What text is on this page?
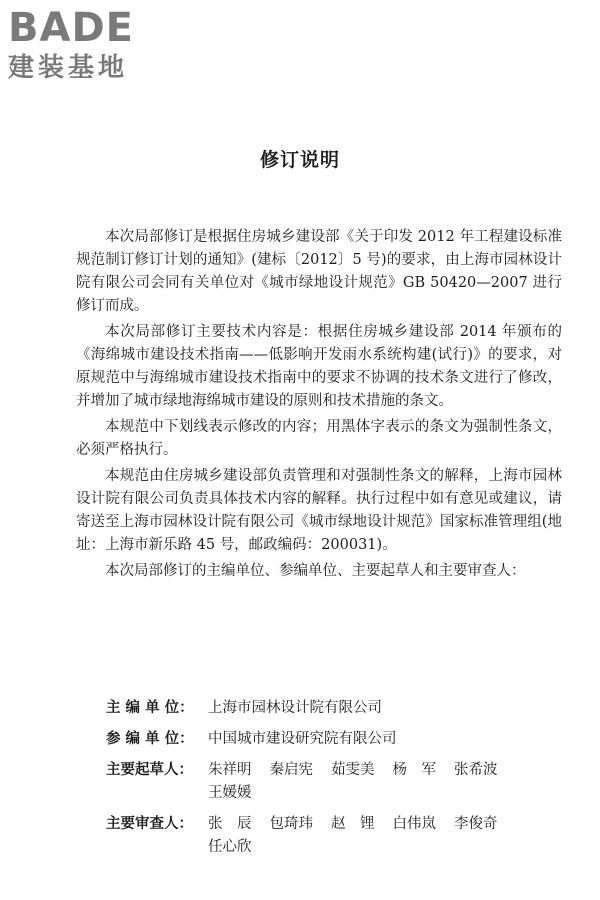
BADE
建装基地
修订说明

本次局部修订是根据住房城乡建设部《关于印发 2012 年工程建设标准规范制订修订计划的通知》(建标〔2012〕5 号)的要求，由上海市园林设计院有限公司会同有关单位对《城市绿地设计规范》GB 50420—2007 进行修订而成。

本次局部修订主要技术内容是：根据住房城乡建设部 2014 年颁布的《海绵城市建设技术指南——低影响开发雨水系统构建(试行)》的要求，对原规范中与海绵城市建设技术指南中的要求不协调的技术条文进行了修改，并增加了城市绿地海绵城市建设的原则和技术措施的条文。

本规范中下划线表示修改的内容；用黑体字表示的条文为强制性条文，必须严格执行。

本规范由住房城乡建设部负责管理和对强制性条文的解释，上海市园林设计院有限公司负责具体技术内容的解释。执行过程中如有意见或建议，请寄送至上海市园林设计院有限公司《城市绿地设计规范》国家标准管理组(地址：上海市新乐路 45 号，邮政编码：200031)。

本次局部修订的主编单位、参编单位、主要起草人和主要审查人：

主 编 单 位： 上海市园林设计院有限公司
参 编 单 位： 中国城市建设研究院有限公司
主要起草人：	朱祥明 秦启宪 茹雯美 杨　军 张希波
王媛媛
主要审查人：	张　辰 包琦玮 赵　锂 白伟岚 李俊奇
任心欣
